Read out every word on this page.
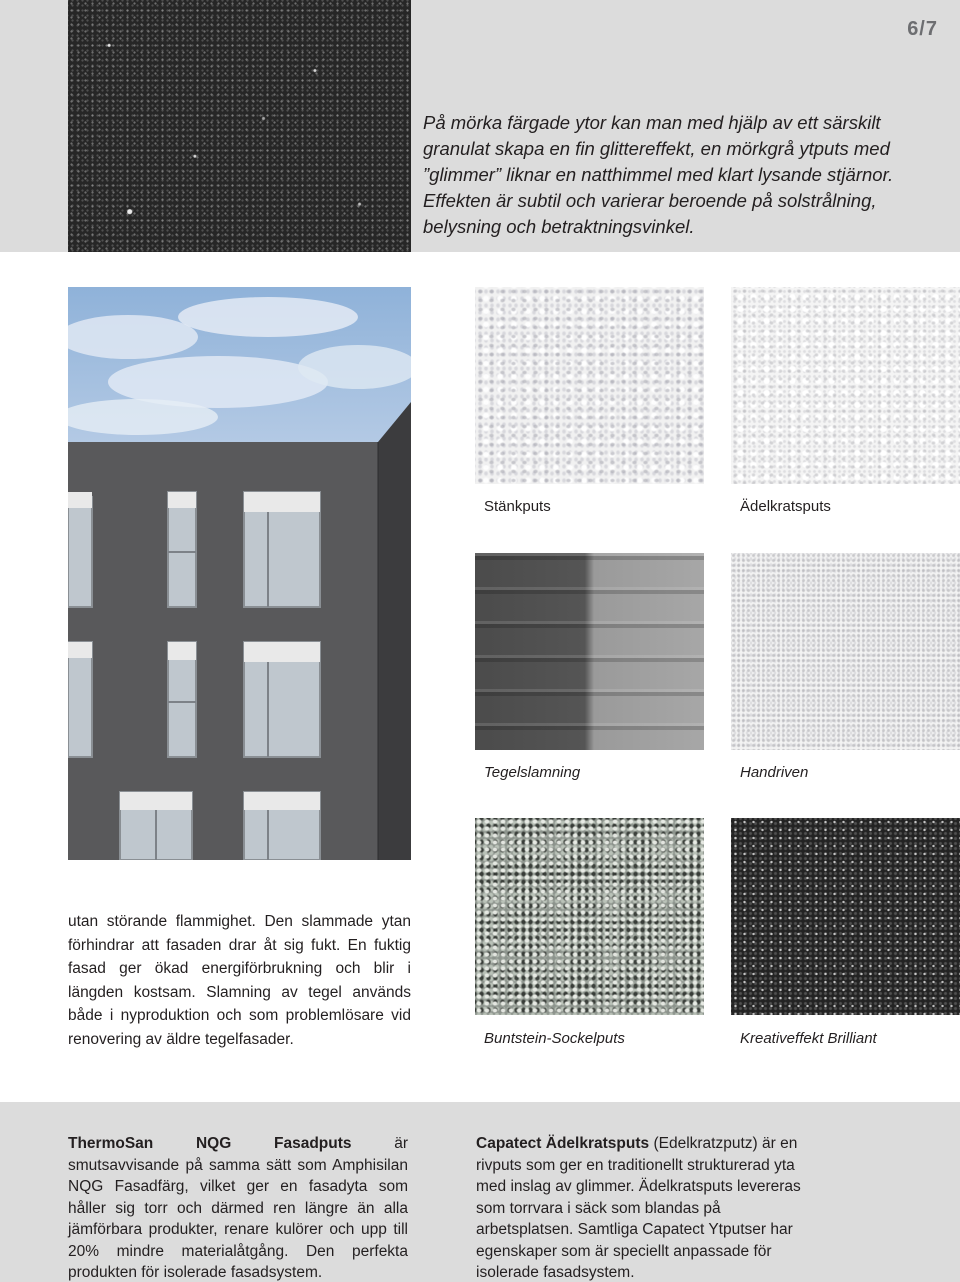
6/7

På mörka färgade ytor kan man med hjälp av ett särskilt granulat skapa en fin glittereffekt, en mörkgrå ytputs med ”glimmer” liknar en natthimmel med klart lysande stjärnor. Effekten är subtil och varierar beroende på solstrålning, belysning och betraktningsvinkel.

Stänkputs	Ädelkratsputs
Tegelslamning	Handriven
Buntstein-Sockelputs	Kreativeffekt Brilliant

utan störande flammighet. Den slammade ytan förhindrar att fasaden drar åt sig fukt. En fuktig fasad ger ökad energiförbrukning och blir i längden kostsam. Slamning av tegel används både i nyproduktion och som problemlösare vid renovering av äldre tegelfasader.

ThermoSan NQG Fasadputs är smutsavvisande på samma sätt som Amphisilan NQG Fasadfärg, vilket ger en fasadyta som håller sig torr och därmed ren längre än alla jämförbara produkter, renare kulörer och upp till 20% mindre materialåtgång. Den perfekta produkten för isolerade fasadsystem.

Capatect Ädelkratsputs (Edelkratzputz) är en rivputs som ger en traditionellt strukturerad yta med inslag av glimmer. Ädelkratsputs levereras som torrvara i säck som blandas på arbetsplatsen. Samtliga Capatect Ytputser har egenskaper som är speciellt anpassade för isolerade fasadsystem.
